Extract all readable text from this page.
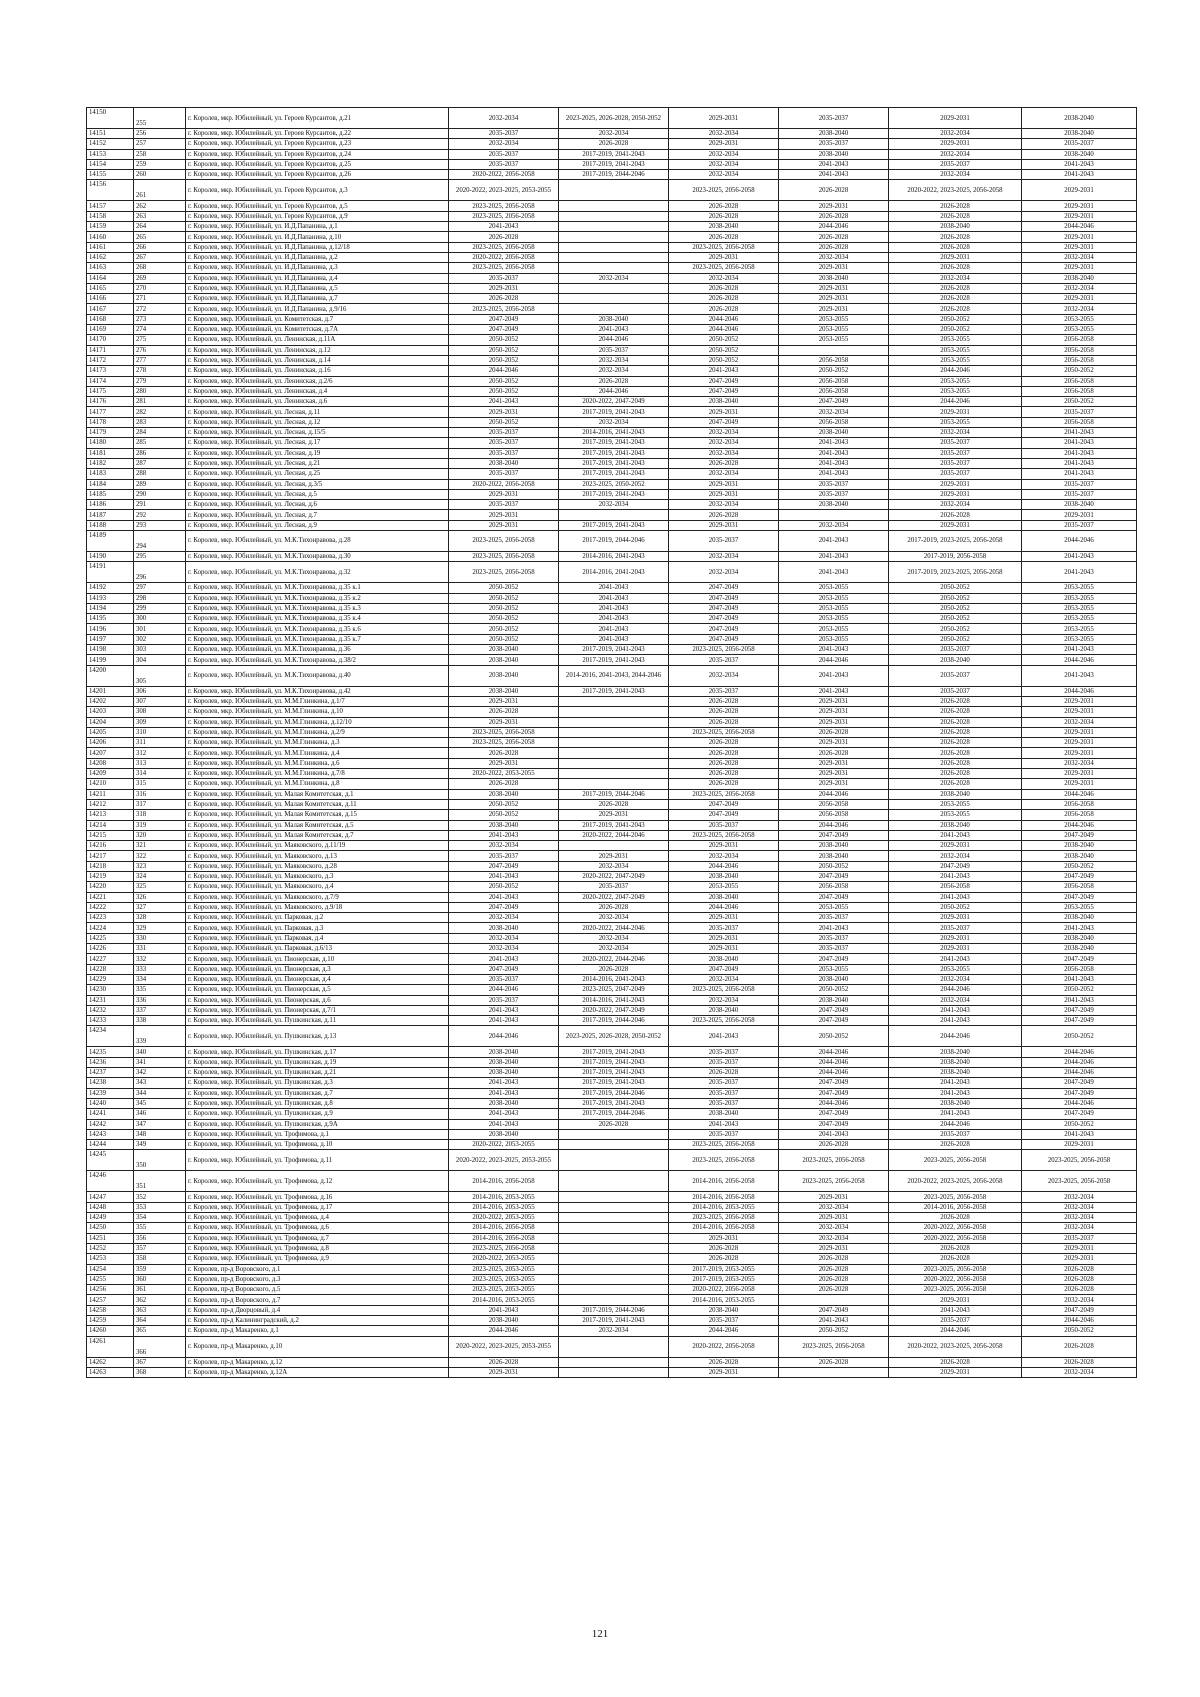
14150	255	г. Королев, мкр. Юбилейный, ул. Героев Курсантов, д.21	2032-2034	2023-2025, 2026-2028, 2050-2052	2029-2031	2035-2037	2029-2031	2038-2040
14151	256	г. Королев, мкр. Юбилейный, ул. Героев Курсантов, д.22	2035-2037	2032-2034	2032-2034	2038-2040	2032-2034	2038-2040
14152	257	г. Королев, мкр. Юбилейный, ул. Героев Курсантов, д.23	2032-2034	2026-2028	2029-2031	2035-2037	2029-2031	2035-2037
14153	258	г. Королев, мкр. Юбилейный, ул. Героев Курсантов, д.24	2035-2037	2017-2019, 2041-2043	2032-2034	2038-2040	2032-2034	2038-2040
14154	259	г. Королев, мкр. Юбилейный, ул. Героев Курсантов, д.25	2035-2037	2017-2019, 2041-2043	2032-2034	2041-2043	2035-2037	2041-2043
14155	260	г. Королев, мкр. Юбилейный, ул. Героев Курсантов, д.26	2020-2022, 2056-2058	2017-2019, 2044-2046	2032-2034	2041-2043	2032-2034	2041-2043
14156	261	г. Королев, мкр. Юбилейный, ул. Героев Курсантов, д.3	2020-2022, 2023-2025, 2053-2055		2023-2025, 2056-2058	2026-2028	2020-2022, 2023-2025, 2056-2058	2029-2031
14157	262	г. Королев, мкр. Юбилейный, ул. Героев Курсантов, д.5	2023-2025, 2056-2058		2026-2028	2029-2031	2026-2028	2029-2031
14158	263	г. Королев, мкр. Юбилейный, ул. Героев Курсантов, д.9	2023-2025, 2056-2058		2026-2028	2026-2028	2026-2028	2029-2031
14159	264	г. Королев, мкр. Юбилейный, ул. И.Д.Папанина, д.1	2041-2043		2038-2040	2044-2046	2038-2040	2044-2046
14160	265	г. Королев, мкр. Юбилейный, ул. И.Д.Папанина, д.10	2026-2028		2026-2028	2026-2028	2026-2028	2029-2031
14161	266	г. Королев, мкр. Юбилейный, ул. И.Д.Папанина, д.12/18	2023-2025, 2056-2058		2023-2025, 2056-2058	2026-2028	2026-2028	2029-2031
14162	267	г. Королев, мкр. Юбилейный, ул. И.Д.Папанина, д.2	2020-2022, 2056-2058		2029-2031	2032-2034	2029-2031	2032-2034
14163	268	г. Королев, мкр. Юбилейный, ул. И.Д.Папанина, д.3	2023-2025, 2056-2058		2023-2025, 2056-2058	2029-2031	2026-2028	2029-2031
14164	269	г. Королев, мкр. Юбилейный, ул. И.Д.Папанина, д.4	2035-2037	2032-2034	2032-2034	2038-2040	2032-2034	2038-2040
14165	270	г. Королев, мкр. Юбилейный, ул. И.Д.Папанина, д.5	2029-2031		2026-2028	2029-2031	2026-2028	2032-2034
14166	271	г. Королев, мкр. Юбилейный, ул. И.Д.Папанина, д.7	2026-2028		2026-2028	2029-2031	2026-2028	2029-2031
14167	272	г. Королев, мкр. Юбилейный, ул. И.Д.Папанина, д.9/16	2023-2025, 2056-2058		2026-2028	2029-2031	2026-2028	2032-2034
14168	273	г. Королев, мкр. Юбилейный, ул. Комитетская, д.7	2047-2049	2038-2040	2044-2046	2053-2055	2050-2052	2053-2055
14169	274	г. Королев, мкр. Юбилейный, ул. Комитетская, д.7А	2047-2049	2041-2043	2044-2046	2053-2055	2050-2052	2053-2055
14170	275	г. Королев, мкр. Юбилейный, ул. Ленинская, д.11А	2050-2052	2044-2046	2050-2052	2053-2055	2053-2055	2056-2058
14171	276	г. Королев, мкр. Юбилейный, ул. Ленинская, д.12	2050-2052	2035-2037	2050-2052		2053-2055	2056-2058
14172	277	г. Королев, мкр. Юбилейный, ул. Ленинская, д.14	2050-2052	2032-2034	2050-2052	2056-2058	2053-2055	2056-2058
14173	278	г. Королев, мкр. Юбилейный, ул. Ленинская, д.16	2044-2046	2032-2034	2041-2043	2050-2052	2044-2046	2050-2052
14174	279	г. Королев, мкр. Юбилейный, ул. Ленинская, д.2/6	2050-2052	2026-2028	2047-2049	2056-2058	2053-2055	2056-2058
14175	280	г. Королев, мкр. Юбилейный, ул. Ленинская, д.4	2050-2052	2044-2046	2047-2049	2056-2058	2053-2055	2056-2058
14176	281	г. Королев, мкр. Юбилейный, ул. Ленинская, д.6	2041-2043	2020-2022, 2047-2049	2038-2040	2047-2049	2044-2046	2050-2052
14177	282	г. Королев, мкр. Юбилейный, ул. Лесная, д.11	2029-2031	2017-2019, 2041-2043	2029-2031	2032-2034	2029-2031	2035-2037
14178	283	г. Королев, мкр. Юбилейный, ул. Лесная, д.12	2050-2052	2032-2034	2047-2049	2056-2058	2053-2055	2056-2058
14179	284	г. Королев, мкр. Юбилейный, ул. Лесная, д.15/5	2035-2037	2014-2016, 2041-2043	2032-2034	2038-2040	2032-2034	2041-2043
14180	285	г. Королев, мкр. Юбилейный, ул. Лесная, д.17	2035-2037	2017-2019, 2041-2043	2032-2034	2041-2043	2035-2037	2041-2043
14181	286	г. Королев, мкр. Юбилейный, ул. Лесная, д.19	2035-2037	2017-2019, 2041-2043	2032-2034	2041-2043	2035-2037	2041-2043
14182	287	г. Королев, мкр. Юбилейный, ул. Лесная, д.21	2038-2040	2017-2019, 2041-2043	2026-2028	2041-2043	2035-2037	2041-2043
14183	288	г. Королев, мкр. Юбилейный, ул. Лесная, д.25	2035-2037	2017-2019, 2041-2043	2032-2034	2041-2043	2035-2037	2041-2043
14184	289	г. Королев, мкр. Юбилейный, ул. Лесная, д.3/5	2020-2022, 2056-2058	2023-2025, 2050-2052	2029-2031	2035-2037	2029-2031	2035-2037
14185	290	г. Королев, мкр. Юбилейный, ул. Лесная, д.5	2029-2031	2017-2019, 2041-2043	2029-2031	2035-2037	2029-2031	2035-2037
14186	291	г. Королев, мкр. Юбилейный, ул. Лесная, д.6	2035-2037	2032-2034	2032-2034	2038-2040	2032-2034	2038-2040
14187	292	г. Королев, мкр. Юбилейный, ул. Лесная, д.7	2029-2031		2026-2028		2026-2028	2029-2031
14188	293	г. Королев, мкр. Юбилейный, ул. Лесная, д.9	2029-2031	2017-2019, 2041-2043	2029-2031	2032-2034	2029-2031	2035-2037
14189	294	г. Королев, мкр. Юбилейный, ул. М.К.Тихонравова, д.28	2023-2025, 2056-2058	2017-2019, 2044-2046	2035-2037	2041-2043	2017-2019, 2023-2025, 2056-2058	2044-2046
14190	295	г. Королев, мкр. Юбилейный, ул. М.К.Тихонравова, д.30	2023-2025, 2056-2058	2014-2016, 2041-2043	2032-2034	2041-2043	2017-2019, 2056-2058	2041-2043
14191	296	г. Королев, мкр. Юбилейный, ул. М.К.Тихонравова, д.32	2023-2025, 2056-2058	2014-2016, 2041-2043	2032-2034	2041-2043	2017-2019, 2023-2025, 2056-2058	2041-2043
14192	297	г. Королев, мкр. Юбилейный, ул. М.К.Тихонравова, д.35 к.1	2050-2052	2041-2043	2047-2049	2053-2055	2050-2052	2053-2055
14193	298	г. Королев, мкр. Юбилейный, ул. М.К.Тихонравова, д.35 к.2	2050-2052	2041-2043	2047-2049	2053-2055	2050-2052	2053-2055
14194	299	г. Королев, мкр. Юбилейный, ул. М.К.Тихонравова, д.35 к.3	2050-2052	2041-2043	2047-2049	2053-2055	2050-2052	2053-2055
14195	300	г. Королев, мкр. Юбилейный, ул. М.К.Тихонравова, д.35 к.4	2050-2052	2041-2043	2047-2049	2053-2055	2050-2052	2053-2055
14196	301	г. Королев, мкр. Юбилейный, ул. М.К.Тихонравова, д.35 к.6	2050-2052	2041-2043	2047-2049	2053-2055	2050-2052	2053-2055
14197	302	г. Королев, мкр. Юбилейный, ул. М.К.Тихонравова, д.35 к.7	2050-2052	2041-2043	2047-2049	2053-2055	2050-2052	2053-2055
14198	303	г. Королев, мкр. Юбилейный, ул. М.К.Тихонравова, д.36	2038-2040	2017-2019, 2041-2043	2023-2025, 2056-2058	2041-2043	2035-2037	2041-2043
14199	304	г. Королев, мкр. Юбилейный, ул. М.К.Тихонравова, д.38/2	2038-2040	2017-2019, 2041-2043	2035-2037	2044-2046	2038-2040	2044-2046
14200	305	г. Королев, мкр. Юбилейный, ул. М.К.Тихонравова, д.40	2038-2040	2014-2016, 2041-2043, 2044-2046	2032-2034	2041-2043	2035-2037	2041-2043
14201	306	г. Королев, мкр. Юбилейный, ул. М.К.Тихонравова, д.42	2038-2040	2017-2019, 2041-2043	2035-2037	2041-2043	2035-2037	2044-2046
14202	307	г. Королев, мкр. Юбилейный, ул. М.М.Глинкина, д.1/7	2029-2031		2026-2028	2029-2031	2026-2028	2029-2031
14203	308	г. Королев, мкр. Юбилейный, ул. М.М.Глинкина, д.10	2026-2028		2026-2028	2029-2031	2026-2028	2029-2031
14204	309	г. Королев, мкр. Юбилейный, ул. М.М.Глинкина, д.12/10	2029-2031		2026-2028	2029-2031	2026-2028	2032-2034
14205	310	г. Королев, мкр. Юбилейный, ул. М.М.Глинкина, д.2/9	2023-2025, 2056-2058		2023-2025, 2056-2058	2026-2028	2026-2028	2029-2031
14206	311	г. Королев, мкр. Юбилейный, ул. М.М.Глинкина, д.3	2023-2025, 2056-2058		2026-2028	2029-2031	2026-2028	2029-2031
14207	312	г. Королев, мкр. Юбилейный, ул. М.М.Глинкина, д.4	2026-2028		2026-2028	2026-2028	2026-2028	2029-2031
14208	313	г. Королев, мкр. Юбилейный, ул. М.М.Глинкина, д.6	2029-2031		2026-2028	2029-2031	2026-2028	2032-2034
14209	314	г. Королев, мкр. Юбилейный, ул. М.М.Глинкина, д.7/8	2020-2022, 2053-2055		2026-2028	2029-2031	2026-2028	2029-2031
14210	315	г. Королев, мкр. Юбилейный, ул. М.М.Глинкина, д.8	2026-2028		2026-2028	2029-2031	2026-2028	2029-2031
14211	316	г. Королев, мкр. Юбилейный, ул. Малая Комитетская, д.1	2038-2040	2017-2019, 2044-2046	2023-2025, 2056-2058	2044-2046	2038-2040	2044-2046
14212	317	г. Королев, мкр. Юбилейный, ул. Малая Комитетская, д.11	2050-2052	2026-2028	2047-2049	2056-2058	2053-2055	2056-2058
14213	318	г. Королев, мкр. Юбилейный, ул. Малая Комитетская, д.15	2050-2052	2029-2031	2047-2049	2056-2058	2053-2055	2056-2058
14214	319	г. Королев, мкр. Юбилейный, ул. Малая Комитетская, д.5	2038-2040	2017-2019, 2041-2043	2035-2037	2044-2046	2038-2040	2044-2046
14215	320	г. Королев, мкр. Юбилейный, ул. Малая Комитетская, д.7	2041-2043	2020-2022, 2044-2046	2023-2025, 2056-2058	2047-2049	2041-2043	2047-2049
14216	321	г. Королев, мкр. Юбилейный, ул. Маяковского, д.11/19	2032-2034		2029-2031	2038-2040	2029-2031	2038-2040
14217	322	г. Королев, мкр. Юбилейный, ул. Маяковского, д.13	2035-2037	2029-2031	2032-2034	2038-2040	2032-2034	2038-2040
14218	323	г. Королев, мкр. Юбилейный, ул. Маяковского, д.28	2047-2049	2032-2034	2044-2046	2050-2052	2047-2049	2050-2052
14219	324	г. Королев, мкр. Юбилейный, ул. Маяковского, д.3	2041-2043	2020-2022, 2047-2049	2038-2040	2047-2049	2041-2043	2047-2049
14220	325	г. Королев, мкр. Юбилейный, ул. Маяковского, д.4	2050-2052	2035-2037	2053-2055	2056-2058	2056-2058	2056-2058
14221	326	г. Королев, мкр. Юбилейный, ул. Маяковского, д.7/9	2041-2043	2020-2022, 2047-2049	2038-2040	2047-2049	2041-2043	2047-2049
14222	327	г. Королев, мкр. Юбилейный, ул. Маяковского, д.9/18	2047-2049	2026-2028	2044-2046	2053-2055	2050-2052	2053-2055
14223	328	г. Королев, мкр. Юбилейный, ул. Парковая, д.2	2032-2034	2032-2034	2029-2031	2035-2037	2029-2031	2038-2040
14224	329	г. Королев, мкр. Юбилейный, ул. Парковая, д.3	2038-2040	2020-2022, 2044-2046	2035-2037	2041-2043	2035-2037	2041-2043
14225	330	г. Королев, мкр. Юбилейный, ул. Парковая, д.4	2032-2034	2032-2034	2029-2031	2035-2037	2029-2031	2038-2040
14226	331	г. Королев, мкр. Юбилейный, ул. Парковая, д.6/13	2032-2034	2032-2034	2029-2031	2035-2037	2029-2031	2038-2040
14227	332	г. Королев, мкр. Юбилейный, ул. Пионерская, д.10	2041-2043	2020-2022, 2044-2046	2038-2040	2047-2049	2041-2043	2047-2049
14228	333	г. Королев, мкр. Юбилейный, ул. Пионерская, д.3	2047-2049	2026-2028	2047-2049	2053-2055	2053-2055	2056-2058
14229	334	г. Королев, мкр. Юбилейный, ул. Пионерская, д.4	2035-2037	2014-2016, 2041-2043	2032-2034	2038-2040	2032-2034	2041-2043
14230	335	г. Королев, мкр. Юбилейный, ул. Пионерская, д.5	2044-2046	2023-2025, 2047-2049	2023-2025, 2056-2058	2050-2052	2044-2046	2050-2052
14231	336	г. Королев, мкр. Юбилейный, ул. Пионерская, д.6	2035-2037	2014-2016, 2041-2043	2032-2034	2038-2040	2032-2034	2041-2043
14232	337	г. Королев, мкр. Юбилейный, ул. Пионерская, д.7/1	2041-2043	2020-2022, 2047-2049	2038-2040	2047-2049	2041-2043	2047-2049
14233	338	г. Королев, мкр. Юбилейный, ул. Пушкинская, д.11	2041-2043	2017-2019, 2044-2046	2023-2025, 2056-2058	2047-2049	2041-2043	2047-2049
14234	339	г. Королев, мкр. Юбилейный, ул. Пушкинская, д.13	2044-2046	2023-2025, 2026-2028, 2050-2052	2041-2043	2050-2052	2044-2046	2050-2052
14235	340	г. Королев, мкр. Юбилейный, ул. Пушкинская, д.17	2038-2040	2017-2019, 2041-2043	2035-2037	2044-2046	2038-2040	2044-2046
14236	341	г. Королев, мкр. Юбилейный, ул. Пушкинская, д.19	2038-2040	2017-2019, 2041-2043	2035-2037	2044-2046	2038-2040	2044-2046
14237	342	г. Королев, мкр. Юбилейный, ул. Пушкинская, д.21	2038-2040	2017-2019, 2041-2043	2026-2028	2044-2046	2038-2040	2044-2046
14238	343	г. Королев, мкр. Юбилейный, ул. Пушкинская, д.3	2041-2043	2017-2019, 2041-2043	2035-2037	2047-2049	2041-2043	2047-2049
14239	344	г. Королев, мкр. Юбилейный, ул. Пушкинская, д.7	2041-2043	2017-2019, 2044-2046	2035-2037	2047-2049	2041-2043	2047-2049
14240	345	г. Королев, мкр. Юбилейный, ул. Пушкинская, д.8	2038-2040	2017-2019, 2041-2043	2035-2037	2044-2046	2038-2040	2044-2046
14241	346	г. Королев, мкр. Юбилейный, ул. Пушкинская, д.9	2041-2043	2017-2019, 2044-2046	2038-2040	2047-2049	2041-2043	2047-2049
14242	347	г. Королев, мкр. Юбилейный, ул. Пушкинская, д.9А	2041-2043	2026-2028	2041-2043	2047-2049	2044-2046	2050-2052
14243	348	г. Королев, мкр. Юбилейный, ул. Трофимова, д.1	2038-2040		2035-2037	2041-2043	2035-2037	2041-2043
14244	349	г. Королев, мкр. Юбилейный, ул. Трофимова, д.10	2020-2022, 2053-2055		2023-2025, 2056-2058	2026-2028	2026-2028	2029-2031
14245	350	г. Королев, мкр. Юбилейный, ул. Трофимова, д.11	2020-2022, 2023-2025, 2053-2055		2023-2025, 2056-2058	2023-2025, 2056-2058	2023-2025, 2056-2058	2023-2025, 2056-2058
14246	351	г. Королев, мкр. Юбилейный, ул. Трофимова, д.12	2014-2016, 2056-2058		2014-2016, 2056-2058	2023-2025, 2056-2058	2020-2022, 2023-2025, 2056-2058	2023-2025, 2056-2058
14247	352	г. Королев, мкр. Юбилейный, ул. Трофимова, д.16	2014-2016, 2053-2055		2014-2016, 2056-2058	2029-2031	2023-2025, 2056-2058	2032-2034
14248	353	г. Королев, мкр. Юбилейный, ул. Трофимова, д.17	2014-2016, 2053-2055		2014-2016, 2053-2055	2032-2034	2014-2016, 2056-2058	2032-2034
14249	354	г. Королев, мкр. Юбилейный, ул. Трофимова, д.4	2020-2022, 2053-2055		2023-2025, 2056-2058	2029-2031	2026-2028	2032-2034
14250	355	г. Королев, мкр. Юбилейный, ул. Трофимова, д.6	2014-2016, 2056-2058		2014-2016, 2056-2058	2032-2034	2020-2022, 2056-2058	2032-2034
14251	356	г. Королев, мкр. Юбилейный, ул. Трофимова, д.7	2014-2016, 2056-2058		2029-2031	2032-2034	2020-2022, 2056-2058	2035-2037
14252	357	г. Королев, мкр. Юбилейный, ул. Трофимова, д.8	2023-2025, 2056-2058		2026-2028	2029-2031	2026-2028	2029-2031
14253	358	г. Королев, мкр. Юбилейный, ул. Трофимова, д.9	2020-2022, 2053-2055		2026-2028	2026-2028	2026-2028	2029-2031
14254	359	г. Королев, пр-д Воровского, д.1	2023-2025, 2053-2055		2017-2019, 2053-2055	2026-2028	2023-2025, 2056-2058	2026-2028
14255	360	г. Королев, пр-д Воровского, д.3	2023-2025, 2053-2055		2017-2019, 2053-2055	2026-2028	2020-2022, 2056-2058	2026-2028
14256	361	г. Королев, пр-д Воровского, д.5	2023-2025, 2053-2055		2020-2022, 2056-2058	2026-2028	2023-2025, 2056-2058	2026-2028
14257	362	г. Королев, пр-д Воровского, д.7	2014-2016, 2053-2055		2014-2016, 2053-2055		2029-2031	2032-2034
14258	363	г. Королев, пр-д Дворцовый, д.4	2041-2043	2017-2019, 2044-2046	2038-2040	2047-2049	2041-2043	2047-2049
14259	364	г. Королев, пр-д Калининградский, д.2	2038-2040	2017-2019, 2041-2043	2035-2037	2041-2043	2035-2037	2044-2046
14260	365	г. Королев, пр-д Макаренко, д.1	2044-2046	2032-2034	2044-2046	2050-2052	2044-2046	2050-2052
14261	366	г. Королев, пр-д Макаренко, д.10	2020-2022, 2023-2025, 2053-2055		2020-2022, 2056-2058	2023-2025, 2056-2058	2020-2022, 2023-2025, 2056-2058	2026-2028
14262	367	г. Королев, пр-д Макаренко, д.12	2026-2028		2026-2028	2026-2028	2026-2028	2026-2028
14263	368	г. Королев, пр-д Макаренко, д.12А	2029-2031		2029-2031		2029-2031	2032-2034
121
